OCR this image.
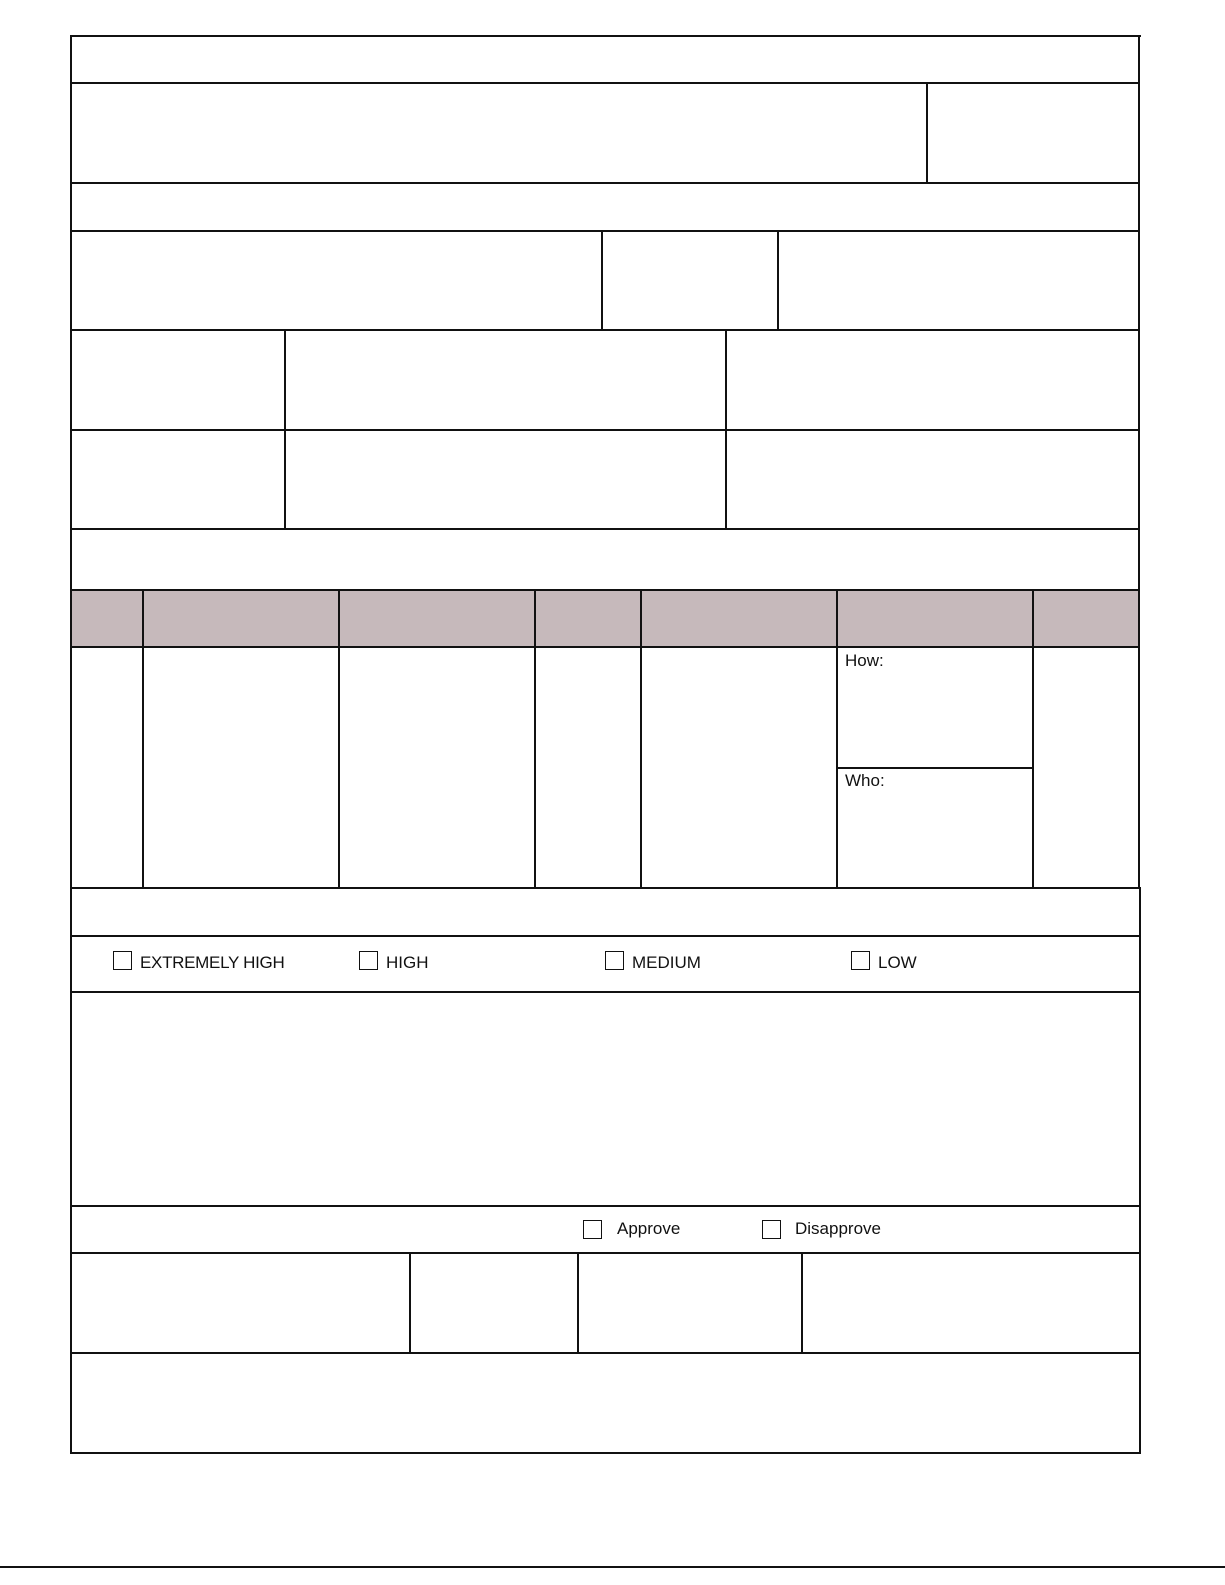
How:
Who:
EXTREMELY HIGH	HIGH	MEDIUM	LOW
Approve	Disapprove
